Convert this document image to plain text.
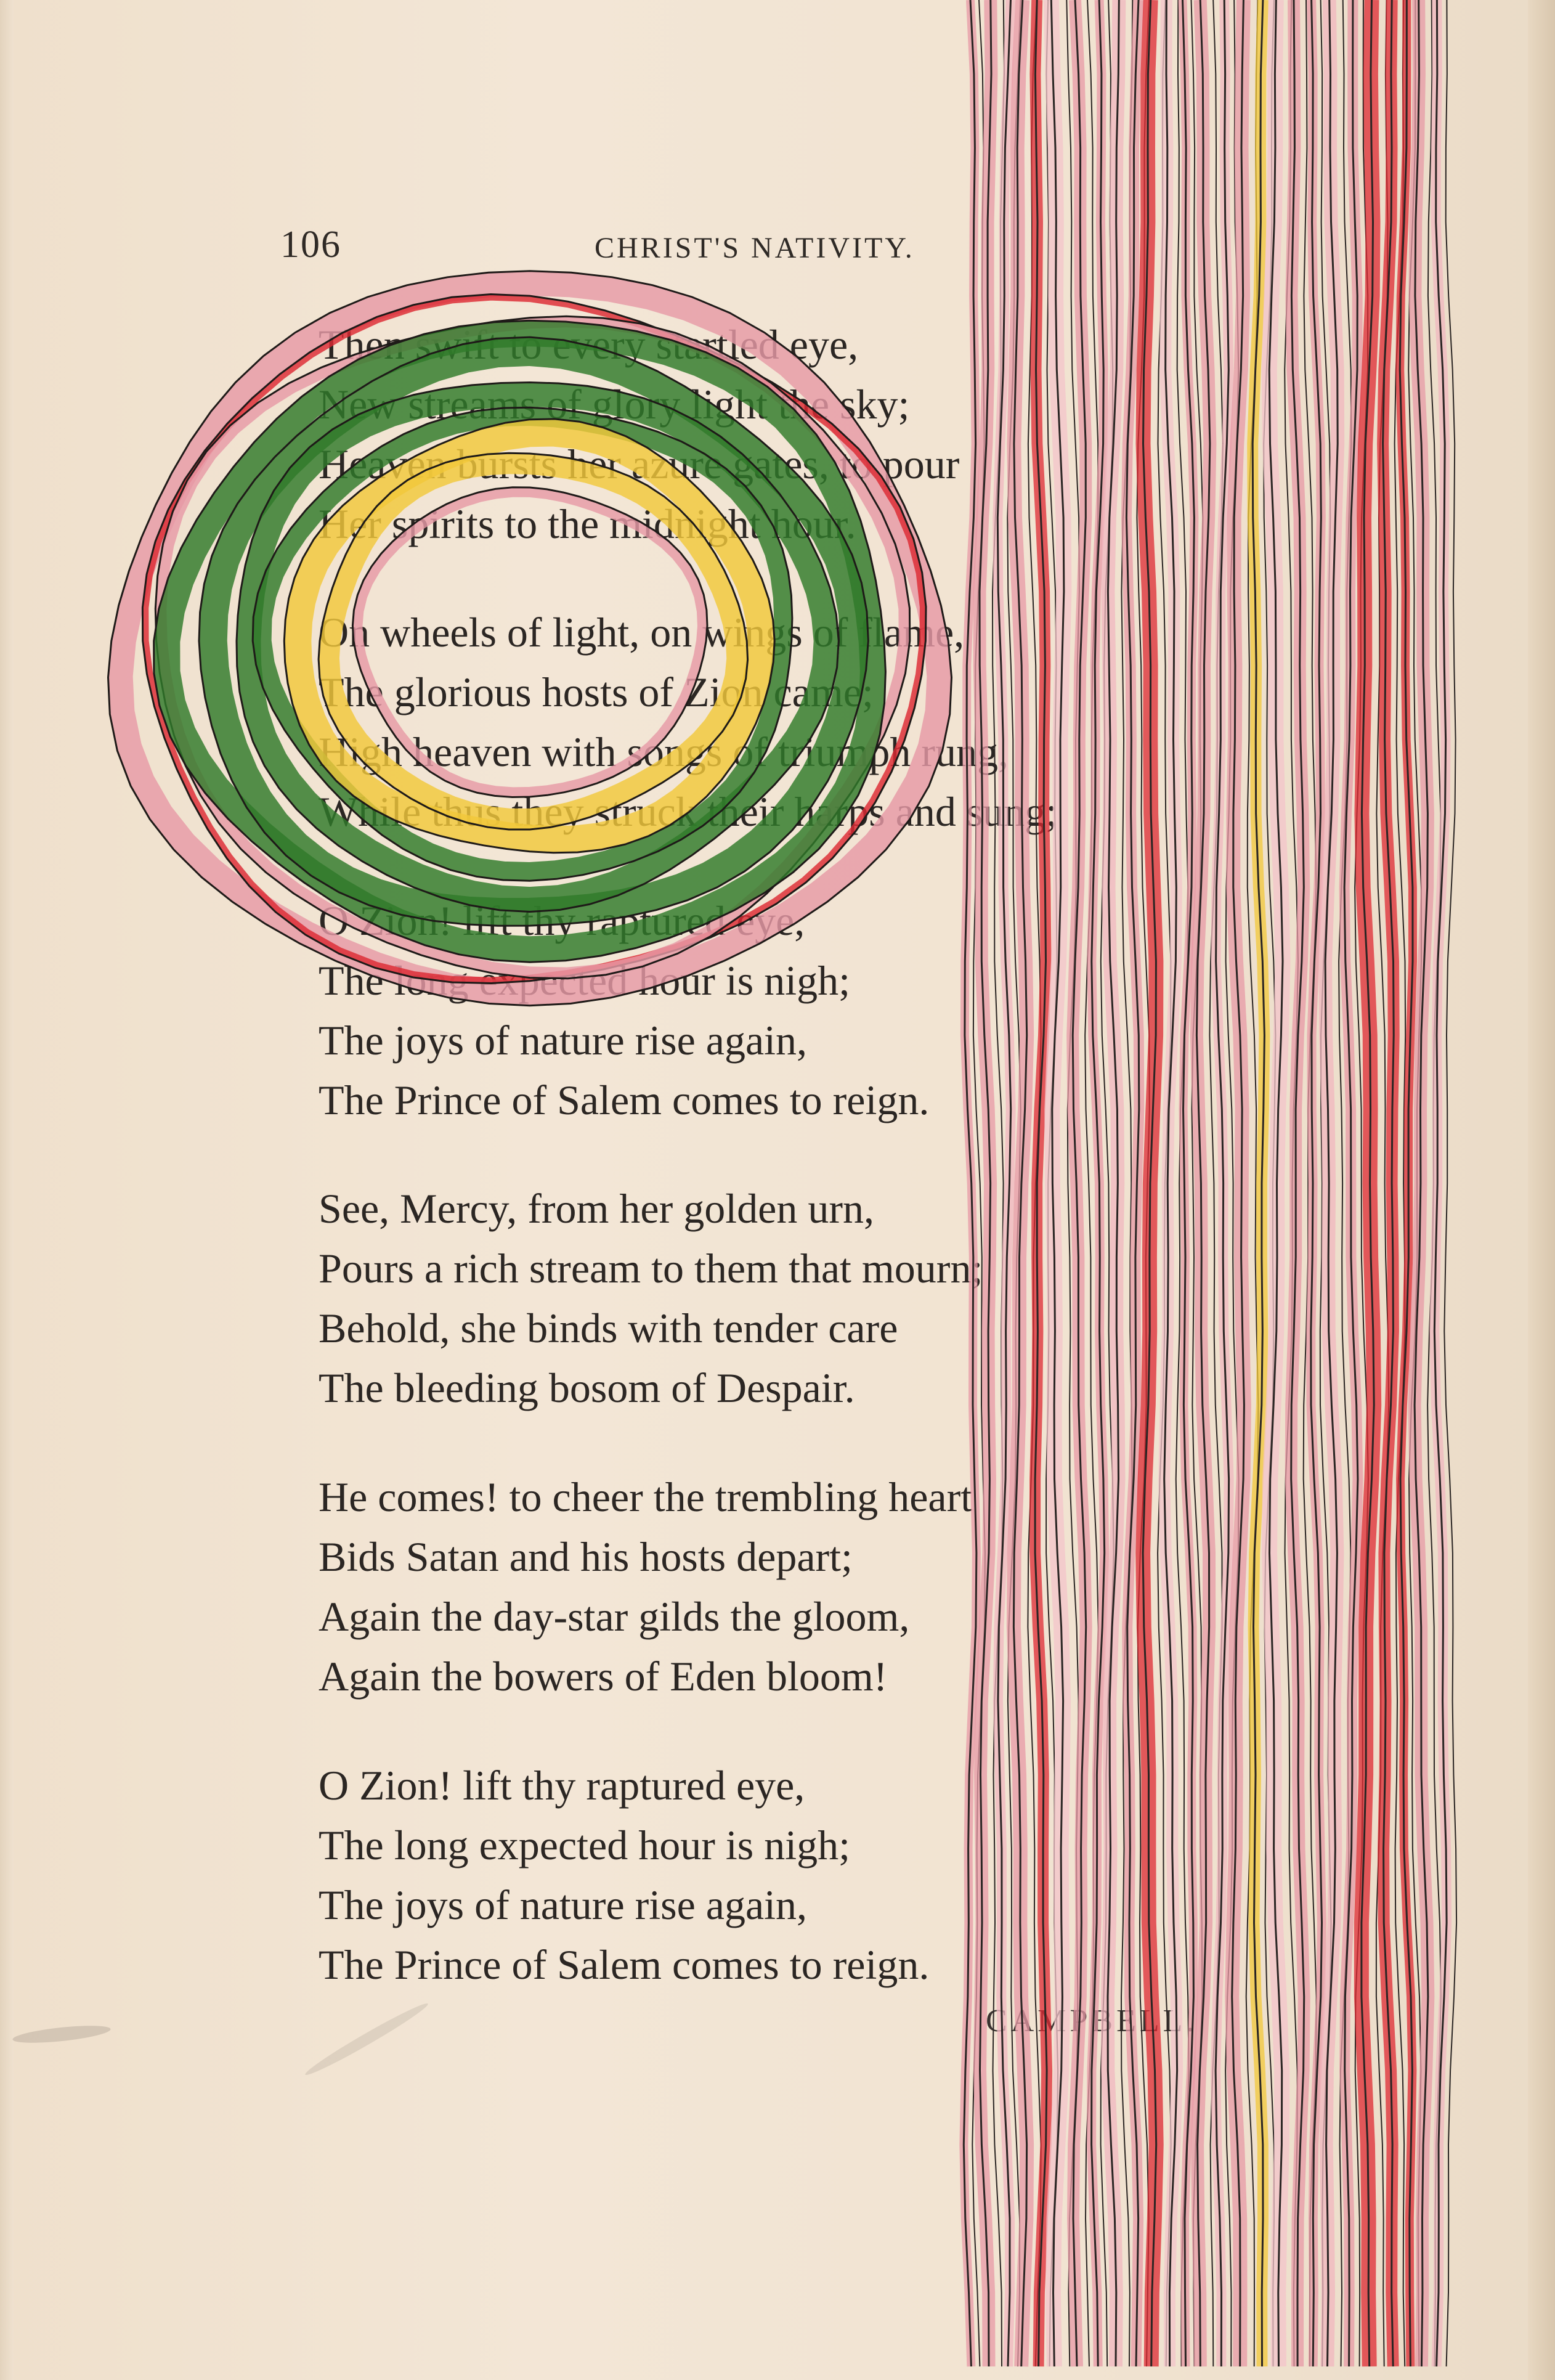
106	CHRIST'S NATIVITY.
Then swift to every startled eye,
New streams of glory light the sky;
Heaven bursts her azure gates, to pour
Her spirits to the midnight hour.
On wheels of light, on wings of flame,
The glorious hosts of Zion came;
High heaven with songs of triumph rung,
While thus they struck their harps and sung;
O Zion! lift thy raptured eye,
The long expected hour is nigh;
The joys of nature rise again,
The Prince of Salem comes to reign.
See, Mercy, from her golden urn,
Pours a rich stream to them that mourn;
Behold, she binds with tender care
The bleeding bosom of Despair.
He comes! to cheer the trembling heart
Bids Satan and his hosts depart;
Again the day-star gilds the gloom,
Again the bowers of Eden bloom!
O Zion! lift thy raptured eye,
The long expected hour is nigh;
The joys of nature rise again,
The Prince of Salem comes to reign.
CAMPBELL.
